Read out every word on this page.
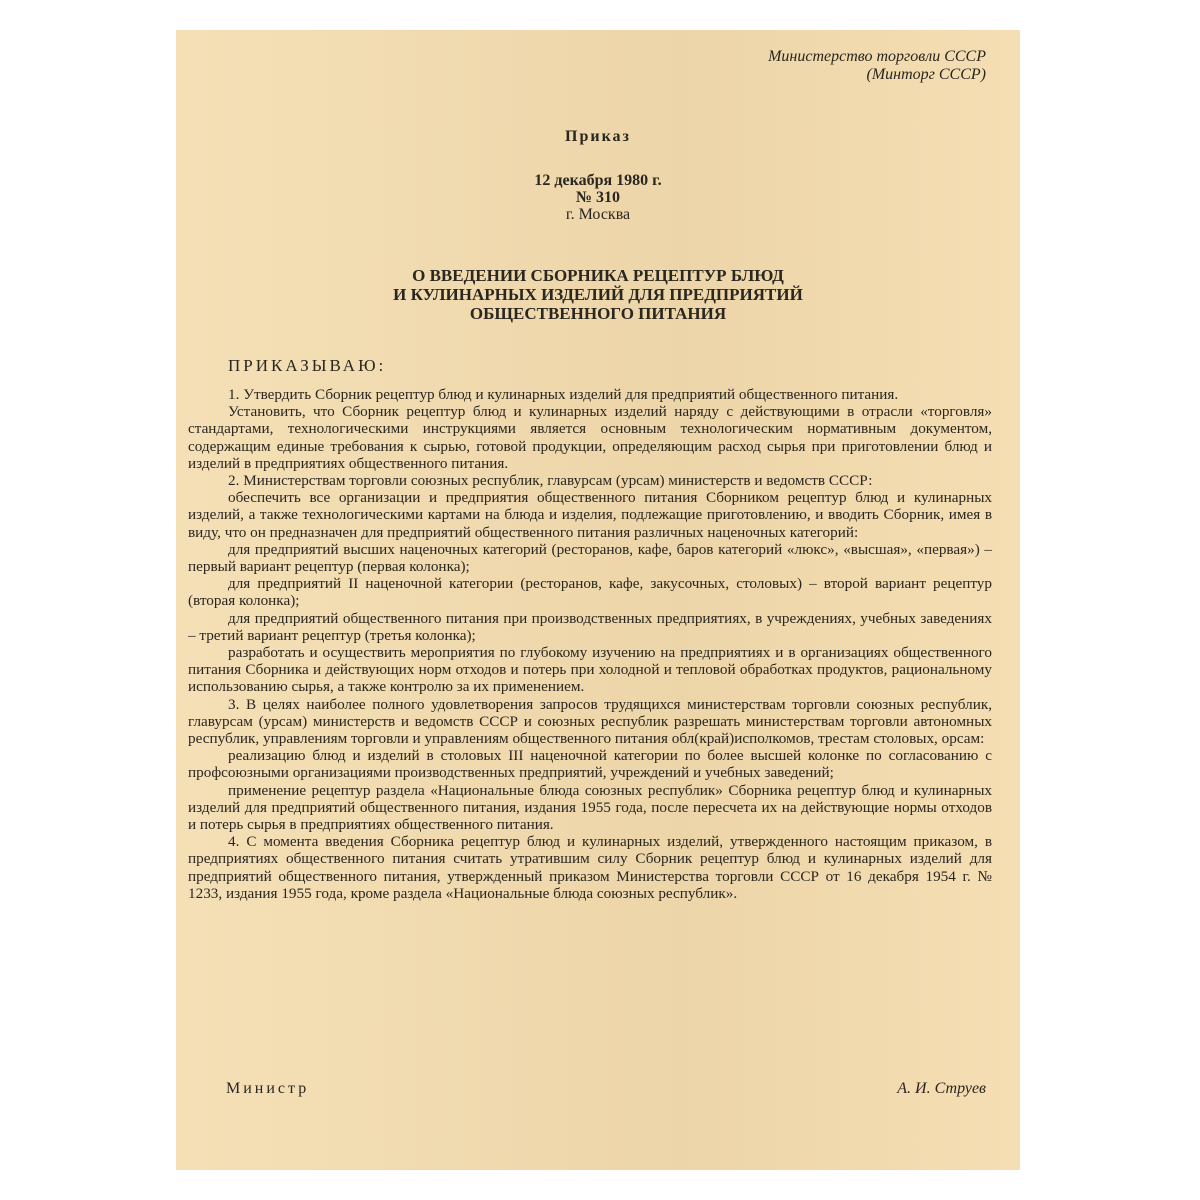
Министерство торговли СССР
(Минторг СССР)
Приказ
12 декабря 1980 г.
№ 310
г. Москва
О ВВЕДЕНИИ СБОРНИКА РЕЦЕПТУР БЛЮД
И КУЛИНАРНЫХ ИЗДЕЛИЙ ДЛЯ ПРЕДПРИЯТИЙ
ОБЩЕСТВЕННОГО ПИТАНИЯ
ПРИКАЗЫВАЮ:

1. Утвердить Сборник рецептур блюд и кулинарных изделий для предприятий общественного питания.

Установить, что Сборник рецептур блюд и кулинарных изделий наряду с действующими в отрасли «торговля» стандартами, технологическими инструкциями является основным технологическим нормативным документом, содержащим единые требования к сырью, готовой продукции, определяющим расход сырья при приготовлении блюд и изделий в предприятиях общественного питания.

2. Министерствам торговли союзных республик, главурсам (урсам) министерств и ведомств СССР:

обеспечить все организации и предприятия общественного питания Сборником рецептур блюд и кулинарных изделий, а также технологическими картами на блюда и изделия, подлежащие приготовлению, и вводить Сборник, имея в виду, что он предназначен для предприятий общественного питания различных наценочных категорий:

для предприятий высших наценочных категорий (ресторанов, кафе, баров категорий «люкс», «высшая», «первая») – первый вариант рецептур (первая колонка);

для предприятий II наценочной категории (ресторанов, кафе, закусочных, столовых) – второй вариант рецептур (вторая колонка);

для предприятий общественного питания при производственных предприятиях, в учреждениях, учебных заведениях – третий вариант рецептур (третья колонка);

разработать и осуществить мероприятия по глубокому изучению на предприятиях и в организациях общественного питания Сборника и действующих норм отходов и потерь при холодной и тепловой обработках продуктов, рациональному использованию сырья, а также контролю за их применением.

3. В целях наиболее полного удовлетворения запросов трудящихся министерствам торговли союзных республик, главурсам (урсам) министерств и ведомств СССР и союзных республик разрешать министерствам торговли автономных республик, управлениям торговли и управлениям общественного питания обл(край)исполкомов, трестам столовых, орсам:

реализацию блюд и изделий в столовых III наценочной категории по более высшей колонке по согласованию с профсоюзными организациями производственных предприятий, учреждений и учебных заведений;

применение рецептур раздела «Национальные блюда союзных республик» Сборника рецептур блюд и кулинарных изделий для предприятий общественного питания, издания 1955 года, после пересчета их на действующие нормы отходов и потерь сырья в предприятиях общественного питания.

4. С момента введения Сборника рецептур блюд и кулинарных изделий, утвержденного настоящим приказом, в предприятиях общественного питания считать утратившим силу Сборник рецептур блюд и кулинарных изделий для предприятий общественного питания, утвержденный приказом Министерства торговли СССР от 16 декабря 1954 г. № 1233, издания 1955 года, кроме раздела «Национальные блюда союзных республик».

Министр	А. И. Струев
